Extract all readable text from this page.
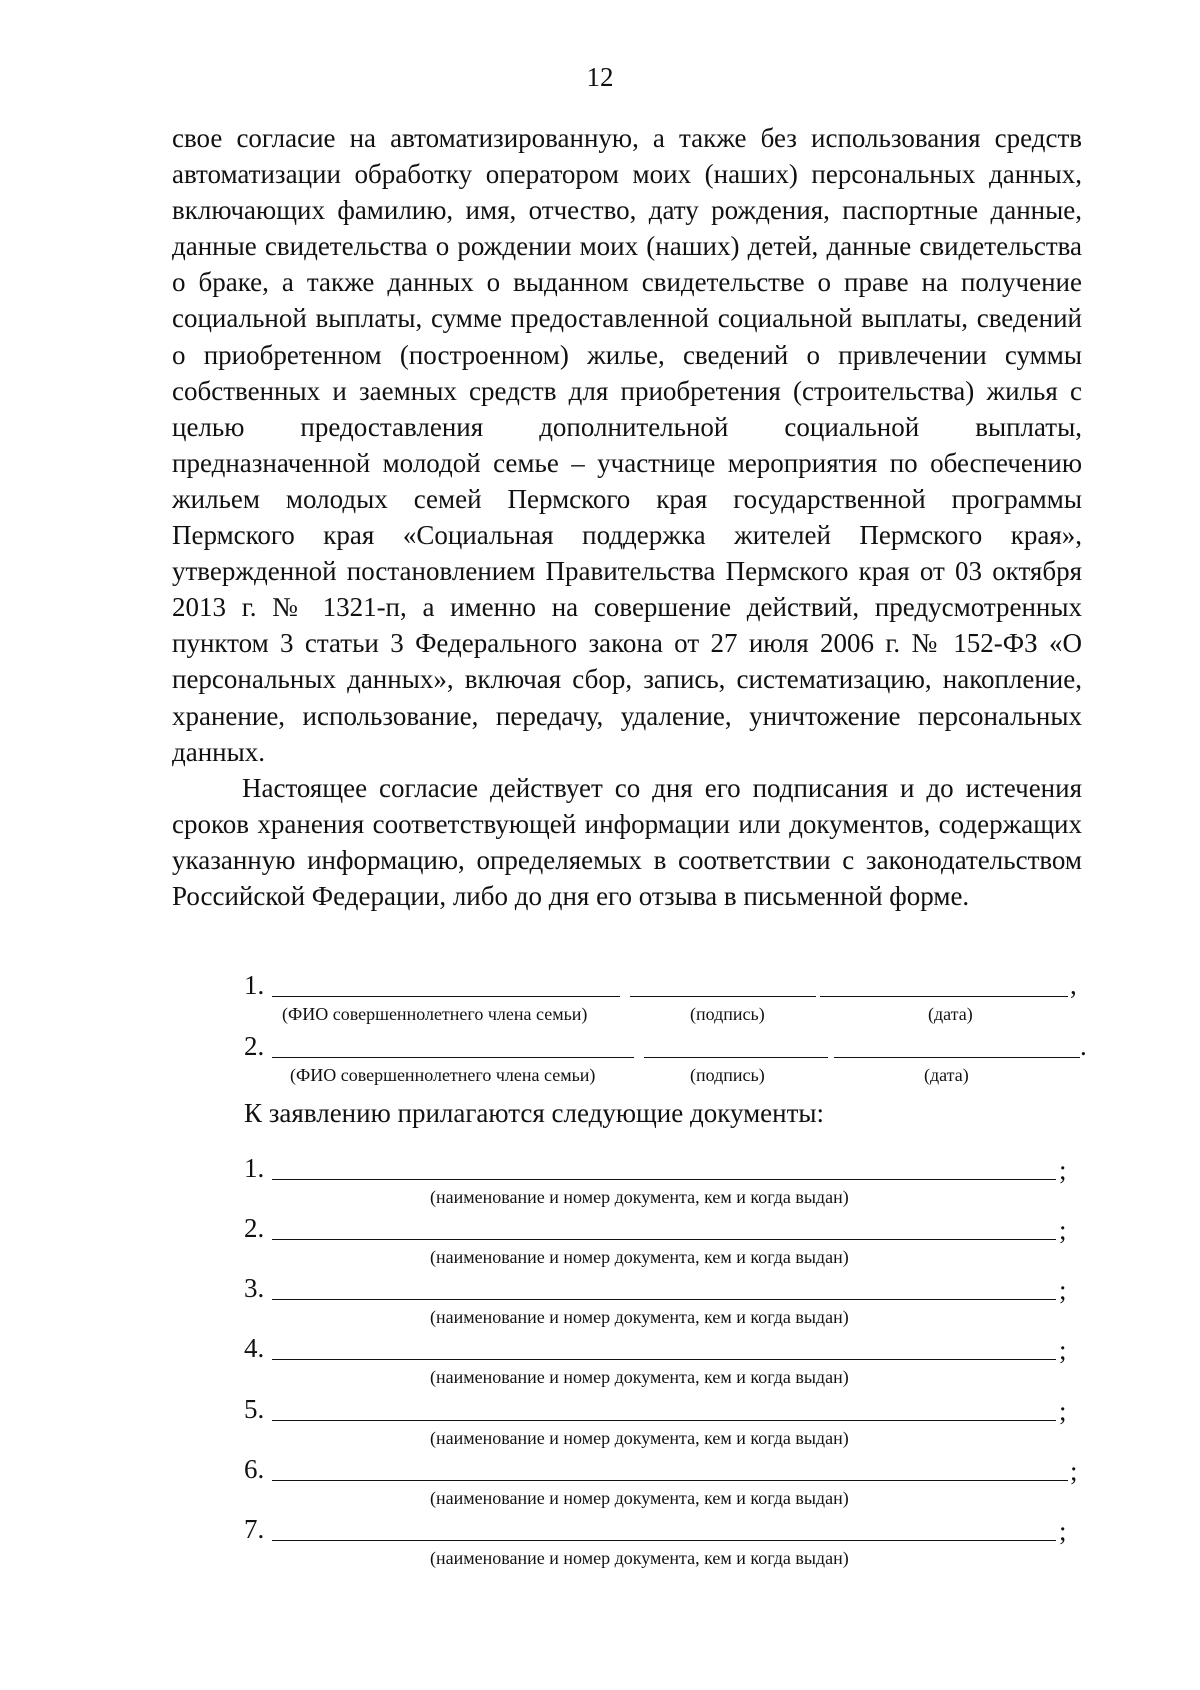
12

свое согласие на автоматизированную, а также без использования средств автоматизации обработку оператором моих (наших) персональных данных, включающих фамилию, имя, отчество, дату рождения, паспортные данные, данные свидетельства о рождении моих (наших) детей, данные свидетельства о браке, а также данных о выданном свидетельстве о праве на получение социальной выплаты, сумме предоставленной социальной выплаты, сведений о приобретенном (построенном) жилье, сведений о привлечении суммы собственных и заемных средств для приобретения (строительства) жилья с целью предоставления дополнительной социальной выплаты, предназначенной молодой семье – участнице мероприятия по обеспечению жильем молодых семей Пермского края государственной программы Пермского края «Социальная поддержка жителей Пермского края», утвержденной постановлением Правительства Пермского края от 03 октября 2013 г. № 1321-п, а именно на совершение действий, предусмотренных пунктом 3 статьи 3 Федерального закона от 27 июля 2006 г. № 152-ФЗ «О персональных данных», включая сбор, запись, систематизацию, накопление, хранение, использование, передачу, удаление, уничтожение персональных данных.

Настоящее согласие действует со дня его подписания и до истечения сроков хранения соответствующей информации или документов, содержащих указанную информацию, определяемых в соответствии с законодательством Российской Федерации, либо до дня его отзыва в письменной форме.

1.	,
(ФИО совершеннолетнего члена семьи)	(подпись)	(дата)
2.	.
(ФИО совершеннолетнего члена семьи)	(подпись)	(дата)
К заявлению прилагаются следующие документы:
1.	;
(наименование и номер документа, кем и когда выдан)
2.	;
(наименование и номер документа, кем и когда выдан)
3.	;
(наименование и номер документа, кем и когда выдан)
4.	;
(наименование и номер документа, кем и когда выдан)
5.	;
(наименование и номер документа, кем и когда выдан)
6.	;
(наименование и номер документа, кем и когда выдан)
7.	;
(наименование и номер документа, кем и когда выдан)
